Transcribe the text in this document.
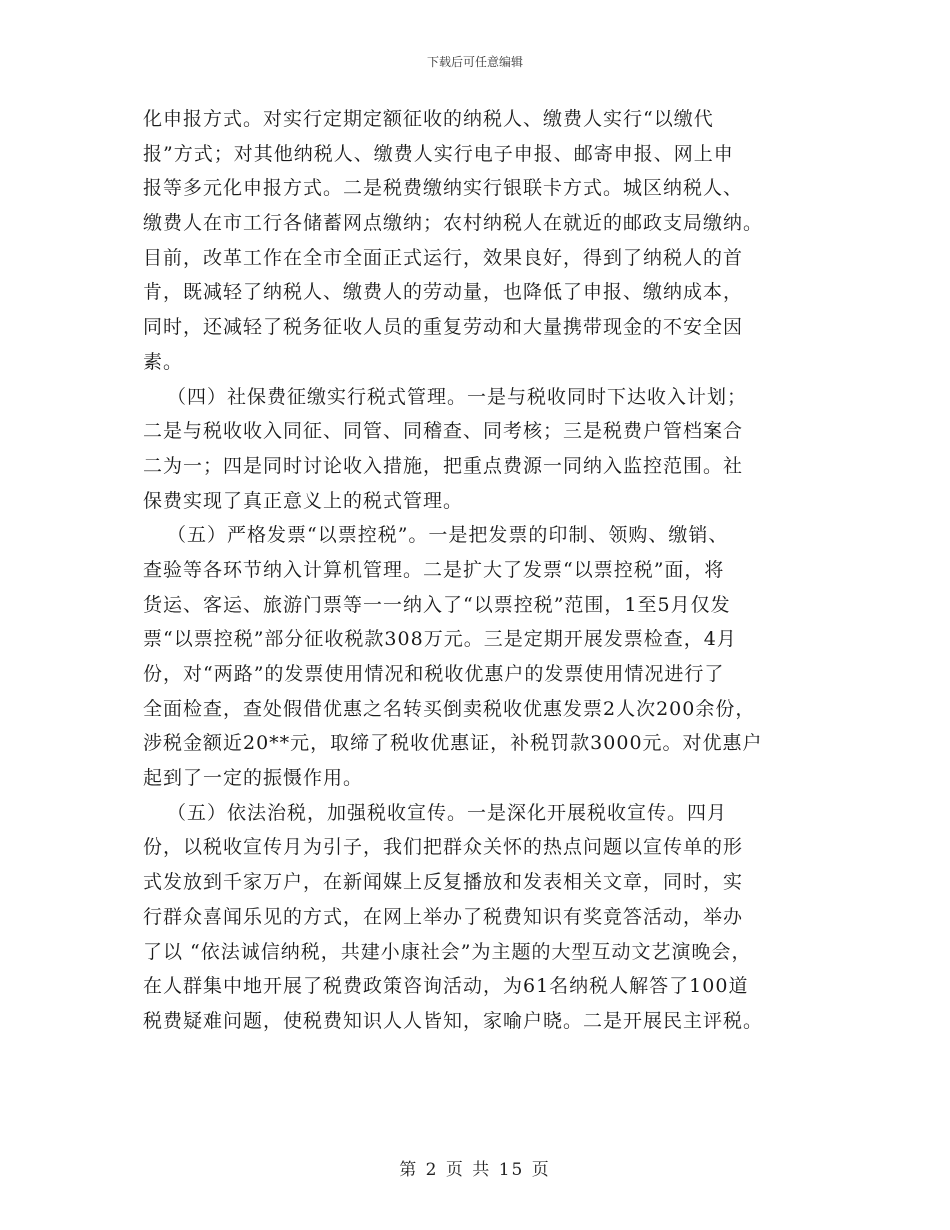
下载后可任意编辑
化申报方式。对实行定期定额征收的纳税人、缴费人实行“以缴代
报”方式；对其他纳税人、缴费人实行电子申报、邮寄申报、网上申
报等多元化申报方式。二是税费缴纳实行银联卡方式。城区纳税人、
缴费人在市工行各储蓄网点缴纳；农村纳税人在就近的邮政支局缴纳。
目前，改革工作在全市全面正式运行，效果良好，得到了纳税人的首
肯，既减轻了纳税人、缴费人的劳动量，也降低了申报、缴纳成本，
同时，还减轻了税务征收人员的重复劳动和大量携带现金的不安全因
素。
（四）社保费征缴实行税式管理。一是与税收同时下达收入计划；
二是与税收收入同征、同管、同稽查、同考核；三是税费户管档案合
二为一；四是同时讨论收入措施，把重点费源一同纳入监控范围。社
保费实现了真正意义上的税式管理。
（五）严格发票“以票控税”。一是把发票的印制、领购、缴销、
查验等各环节纳入计算机管理。二是扩大了发票“以票控税”面，将
货运、客运、旅游门票等一一纳入了“以票控税”范围，1至5月仅发
票“以票控税”部分征收税款308万元。三是定期开展发票检查，4月
份，对“两路”的发票使用情况和税收优惠户的发票使用情况进行了
全面检查，查处假借优惠之名转买倒卖税收优惠发票2人次200余份，
涉税金额近20**元，取缔了税收优惠证，补税罚款3000元。对优惠户
起到了一定的振慑作用。
（五）依法治税，加强税收宣传。一是深化开展税收宣传。四月
份，以税收宣传月为引子，我们把群众关怀的热点问题以宣传单的形
式发放到千家万户，在新闻媒上反复播放和发表相关文章，同时，实
行群众喜闻乐见的方式，在网上举办了税费知识有奖竟答活动，举办
了以 “依法诚信纳税，共建小康社会”为主题的大型互动文艺演晚会，
在人群集中地开展了税费政策咨询活动，为61名纳税人解答了100道
税费疑难问题，使税费知识人人皆知，家喻户晓。二是开展民主评税。
第 2 页 共 15 页
